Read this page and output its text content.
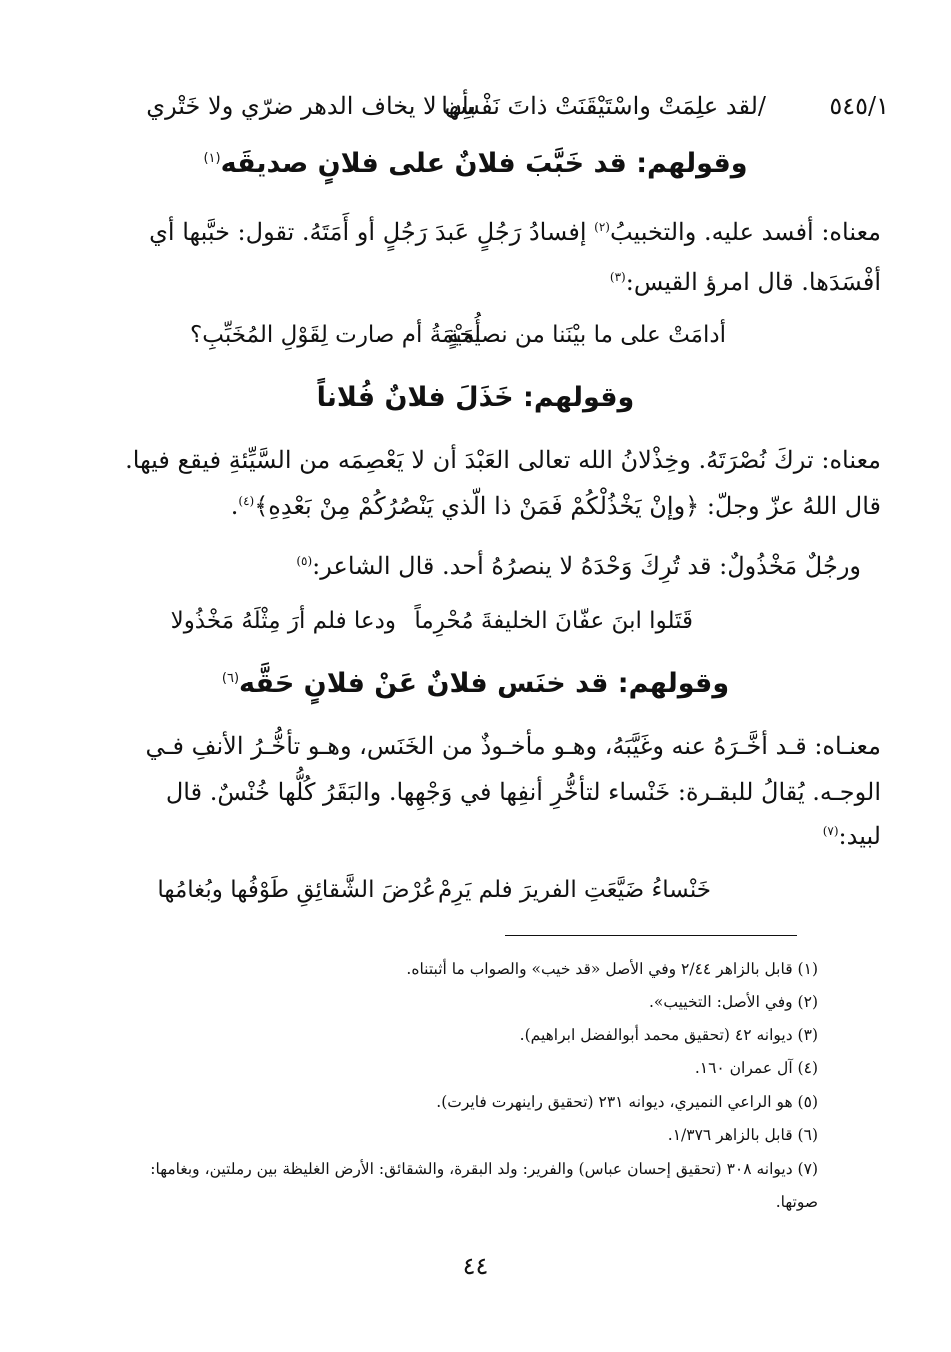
٥٤٥/١
/لقد علِمَتْ واسْتَيْقَنَتْ ذاتَ نَفْسِها
بأن لا يخاف الدهر ضرّي ولا خَتْري
وقولهم: قد خَبَّبَ فلانٌ على فلانٍ صديقَه$^{(١)}$
معناه: أفسد عليه. والتخبيبُ$^{(٢)}$ إفسادُ رَجُلٍ عَبدَ رَجُلٍ أو أَمَتَهُ. تقول: خبَّبها أي
أفْسَدَها. قال امرؤ القيس:$^{(٣)}$
أدامَتْ على ما بيْنَنا من نصيحةٍ
أُمَيْمَةُ أم صارت لِقَوْلِ المُخَبِّبِ؟
وقولهم: خَذَلَ فلانٌ فُلاناً
معناه: تركَ نُصْرَتَهُ. وخِذْلانُ الله تعالى العَبْدَ أن لا يَعْصِمَه من السَّيِّئةِ فيقع فيها.
قال اللهُ عزّ وجلّ: ﴿وإنْ يَخْذُلْكُمْ فَمَنْ ذا الّذي يَنْصُرُكُمْ مِنْ بَعْدِهِ﴾$^{(٤)}$.
ورجُلٌ مَخْذُولٌ: قد تُرِكَ وَحْدَهُ لا ينصرُهُ أحد. قال الشاعر:$^{(٥)}$
قَتَلوا ابنَ عفّانَ الخليفةَ مُحْرِماً
ودعا فلم أرَ مِثْلَهُ مَخْذُولا
وقولهم: قد خنَس فلانٌ عَنْ فلانٍ حَقَّه$^{(٦)}$
معنـاه: قـد أخَّـرَهُ عنه وغَيَّبَهُ، وهـو مأخـوذٌ من الخَنَس، وهـو تأخُّـرُ الأنفِ فـي
الوجـه. يُقالُ للبقـرة: خَنْساء لتأخُّرِ أنفِها في وَجْهِها. والبَقَرُ كُلُّها خُنْسٌ. قال
لبيد:$^{(٧)}$
خَنْساءُ ضَيَّعَتِ الفريرَ فلم يَرِمْ
عُرْضَ الشَّقائِقِ طَوْفُها وبُغامُها
(١) قابل بالزاهر ٢/٤٤ وفي الأصل «قد خيب» والصواب ما أثبتناه.
(٢) وفي الأصل: التخييب».
(٣) ديوانه ٤٢ (تحقيق محمد أبوالفضل ابراهيم).
(٤) آل عمران ١٦٠.
(٥) هو الراعي النميري، ديوانه ٢٣١ (تحقيق راينهرت فايرت).
(٦) قابل بالزاهر ١/٣٧٦.
(٧) ديوانه ٣٠٨ (تحقيق إحسان عباس) والفرير: ولد البقرة، والشقائق: الأرض الغليظة بين رملتين، وبغامها:
صوتها.
٤٤
